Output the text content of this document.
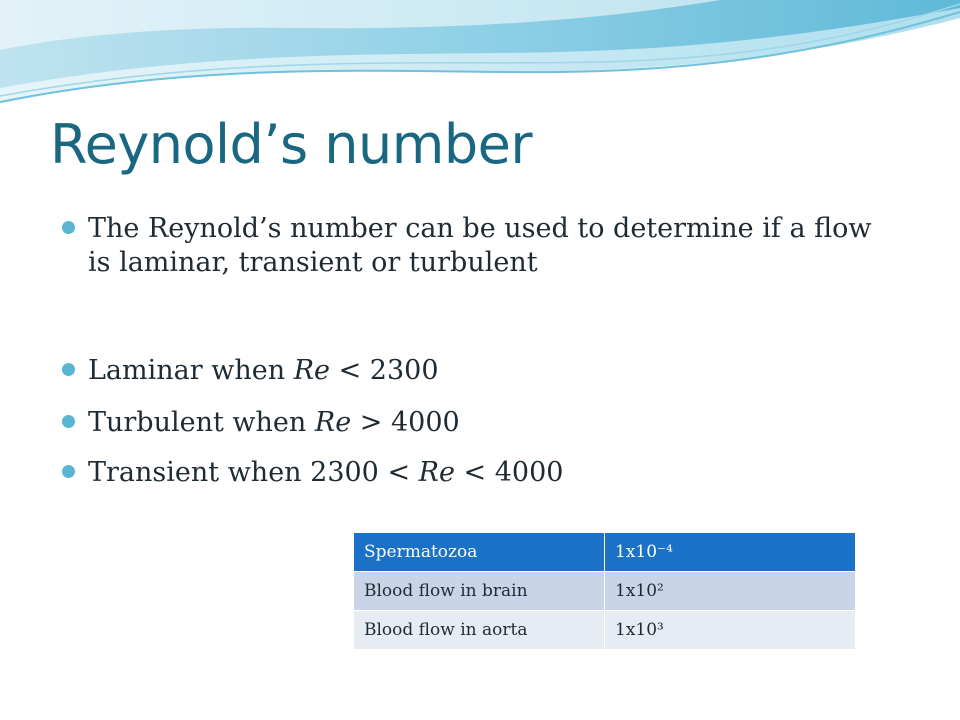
Reynold’s number
The Reynold’s number can be used to determine if a flow is laminar, transient or turbulent
Laminar when Re < 2300
Turbulent when Re > 4000
Transient when 2300 < Re < 4000
Spermatozoa	1x10⁻⁴
Blood flow in brain	1x10²
Blood flow in aorta	1x10³
